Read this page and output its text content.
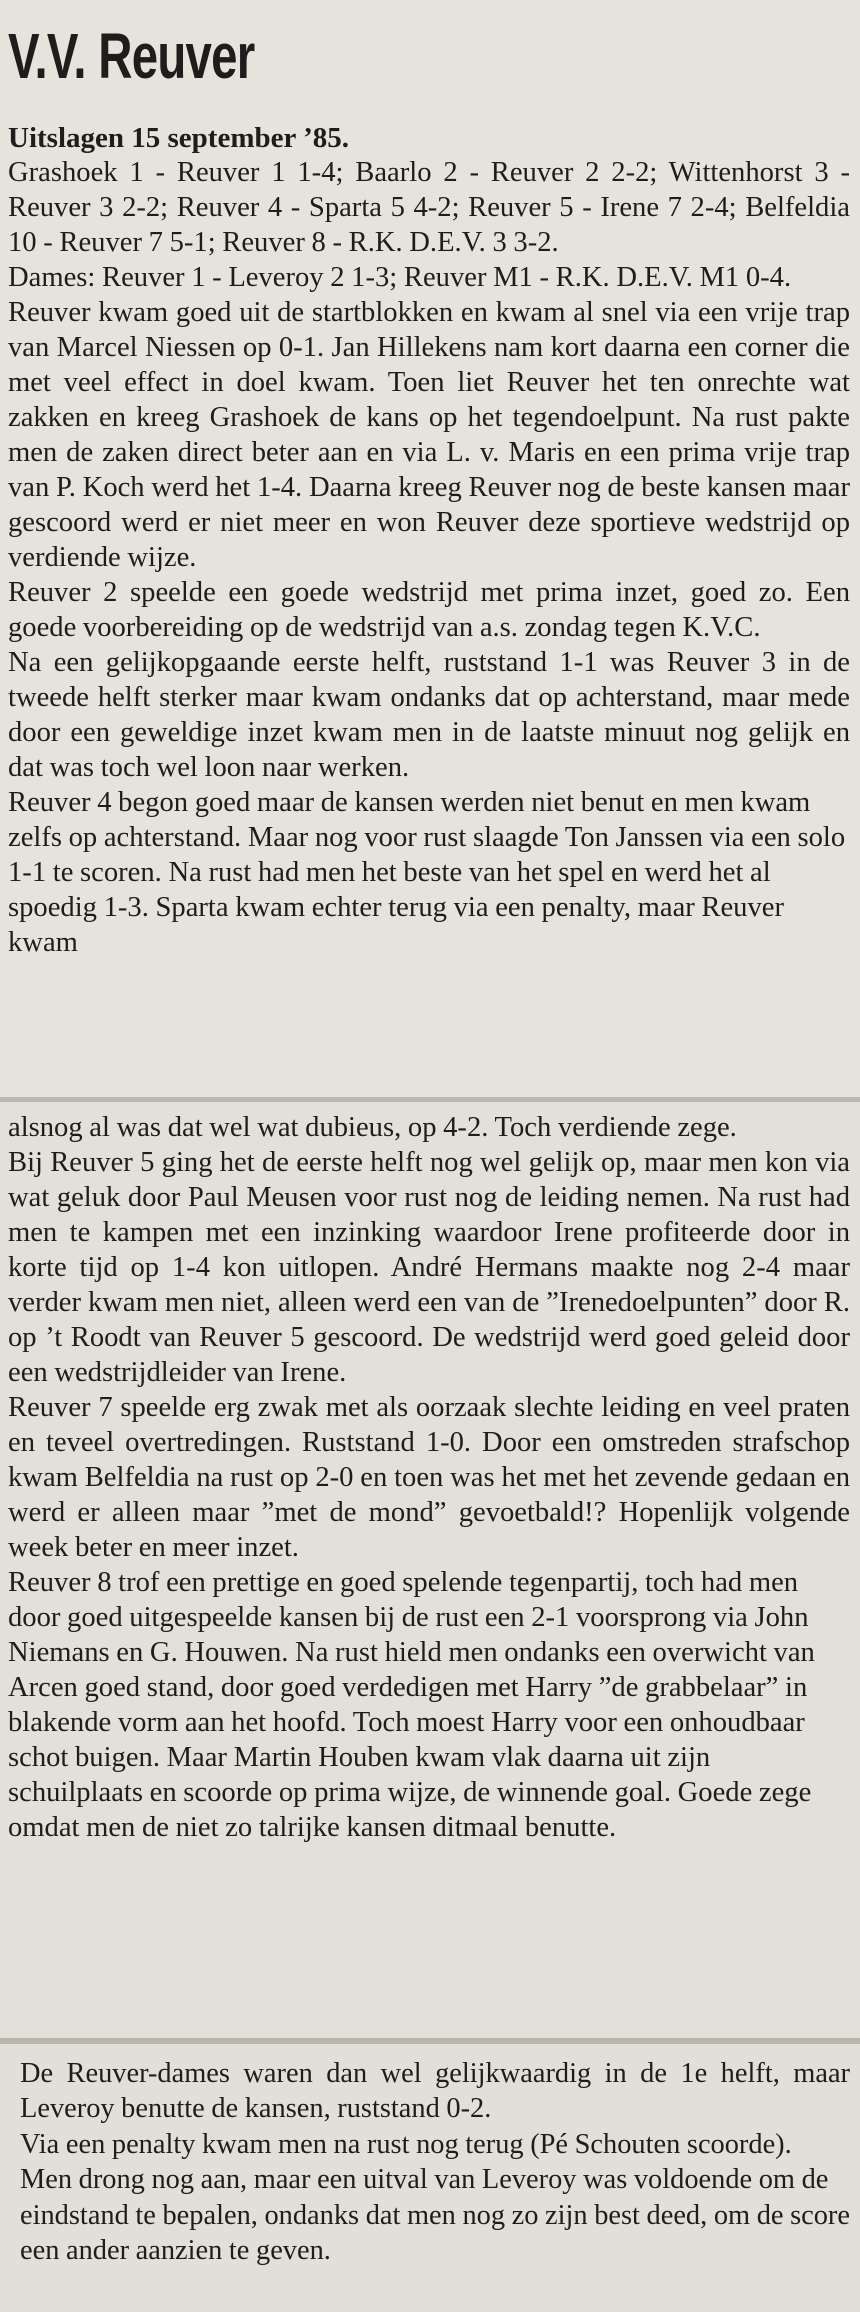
V.V. Reuver

Uitslagen 15 september ’85.

Grashoek 1 - Reuver 1 1-4; Baarlo 2 - Reuver 2 2-2; Wittenhorst 3 - Reuver 3 2-2; Reuver 4 - Sparta 5 4-2; Reuver 5 - Irene 7 2-4; Belfeldia 10 - Reuver 7 5-1; Reuver 8 - R.K. D.E.V. 3 3-2.

Dames: Reuver 1 - Leveroy 2 1-3; Reuver M1 - R.K. D.E.V. M1 0-4.

Reuver kwam goed uit de startblokken en kwam al snel via een vrije trap van Marcel Niessen op 0-1. Jan Hillekens nam kort daarna een corner die met veel effect in doel kwam. Toen liet Reuver het ten onrechte wat zakken en kreeg Grashoek de kans op het tegendoelpunt. Na rust pakte men de zaken direct beter aan en via L. v. Maris en een prima vrije trap van P. Koch werd het 1-4. Daarna kreeg Reuver nog de beste kansen maar gescoord werd er niet meer en won Reuver deze sportieve wedstrijd op verdiende wijze.

Reuver 2 speelde een goede wedstrijd met prima inzet, goed zo. Een goede voorbereiding op de wedstrijd van a.s. zondag tegen K.V.C.

Na een gelijkopgaande eerste helft, ruststand 1-1 was Reuver 3 in de tweede helft sterker maar kwam ondanks dat op achterstand, maar mede door een geweldige inzet kwam men in de laatste minuut nog gelijk en dat was toch wel loon naar werken.

Reuver 4 begon goed maar de kansen werden niet benut en men kwam zelfs op achterstand. Maar nog voor rust slaagde Ton Janssen via een solo 1-1 te scoren. Na rust had men het beste van het spel en werd het al spoedig 1-3. Sparta kwam echter terug via een penalty, maar Reuver kwam

alsnog al was dat wel wat dubieus, op 4-2. Toch verdiende zege.

Bij Reuver 5 ging het de eerste helft nog wel gelijk op, maar men kon via wat geluk door Paul Meusen voor rust nog de leiding nemen. Na rust had men te kampen met een inzinking waardoor Irene profiteerde door in korte tijd op 1-4 kon uitlopen. André Hermans maakte nog 2-4 maar verder kwam men niet, alleen werd een van de ”Irenedoelpunten” door R. op ’t Roodt van Reuver 5 gescoord. De wedstrijd werd goed geleid door een wedstrijdleider van Irene.

Reuver 7 speelde erg zwak met als oorzaak slechte leiding en veel praten en teveel overtredingen. Ruststand 1-0. Door een omstreden strafschop kwam Belfeldia na rust op 2-0 en toen was het met het zevende gedaan en werd er alleen maar ”met de mond” gevoetbald!? Hopenlijk volgende week beter en meer inzet.

Reuver 8 trof een prettige en goed spelende tegenpartij, toch had men door goed uitgespeelde kansen bij de rust een 2-1 voorsprong via John Niemans en G. Houwen. Na rust hield men ondanks een overwicht van Arcen goed stand, door goed verdedigen met Harry ”de grabbelaar” in blakende vorm aan het hoofd. Toch moest Harry voor een onhoudbaar schot buigen. Maar Martin Houben kwam vlak daarna uit zijn schuilplaats en scoorde op prima wijze, de winnende goal. Goede zege omdat men de niet zo talrijke kansen ditmaal benutte.

De Reuver-dames waren dan wel gelijkwaardig in de 1e helft, maar Leveroy benutte de kansen, ruststand 0-2.

Via een penalty kwam men na rust nog terug (Pé Schouten scoorde). Men drong nog aan, maar een uitval van Leveroy was voldoende om de eindstand te bepalen, ondanks dat men nog zo zijn best deed, om de score een ander aanzien te geven.
